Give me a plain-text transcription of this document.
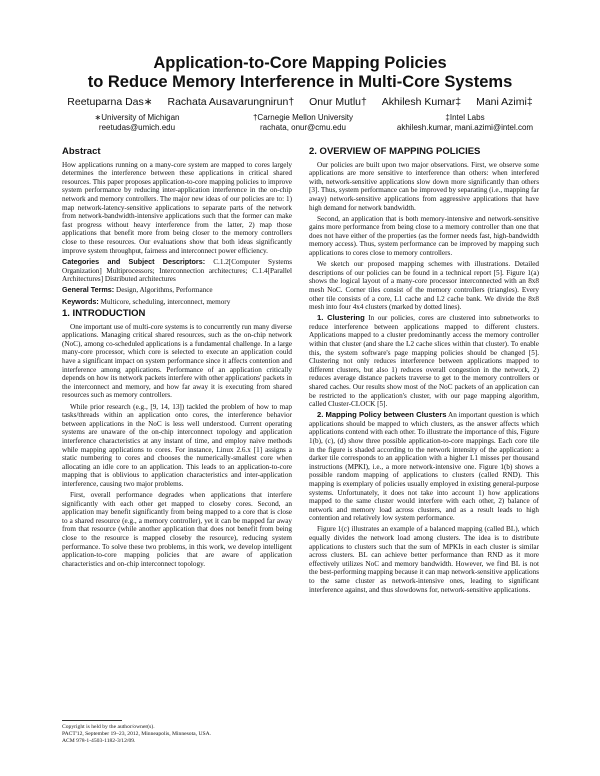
Application-to-Core Mapping Policies
to Reduce Memory Interference in Multi-Core Systems
Reetuparna Das∗ Rachata Ausavarungnirun† Onur Mutlu† Akhilesh Kumar‡ Mani Azimi‡
∗University of Michigan
reetudas@umich.edu
†Carnegie Mellon University
rachata, onur@cmu.edu
‡Intel Labs
akhilesh.kumar, mani.azimi@intel.com
Abstract

How applications running on a many-core system are mapped to cores largely determines the interference between these applications in critical shared resources. This paper proposes application-to-core mapping policies to improve system performance by reducing inter-application interference in the on-chip network and memory controllers. The major new ideas of our policies are to: 1) map network-latency-sensitive applications to separate parts of the network from network-bandwidth-intensive applications such that the former can make fast progress without heavy interference from the latter, 2) map those applications that benefit more from being closer to the memory controllers close to these resources. Our evaluations show that both ideas significantly improve system throughput, fairness and interconnect power efficiency.

Categories and Subject Descriptors: C.1.2[Computer Systems Organization] Multiprocessors; Interconnection architectures; C.1.4[Parallel Architectures] Distributed architectures

General Terms: Design, Algorithms, Performance

Keywords: Multicore, scheduling, interconnect, memory

1. INTRODUCTION

One important use of multi-core systems is to concurrently run many diverse applications. Managing critical shared resources, such as the on-chip network (NoC), among co-scheduled applications is a fundamental challenge. In a large many-core processor, which core is selected to execute an application could have a significant impact on system performance since it affects contention and interference among applications. Performance of an application critically depends on how its network packets interfere with other applications' packets in the interconnect and memory, and how far away it is executing from shared resources such as memory controllers.

While prior research (e.g., [9, 14, 13]) tackled the problem of how to map tasks/threads within an application onto cores, the interference behavior between applications in the NoC is less well understood. Current operating systems are unaware of the on-chip interconnect topology and application interference characteristics at any instant of time, and employ naive methods while mapping applications to cores. For instance, Linux 2.6.x [1] assigns a static numbering to cores and chooses the numerically-smallest core when allocating an idle core to an application. This leads to an application-to-core mapping that is oblivious to application characteristics and inter-application interference, causing two major problems.

First, overall performance degrades when applications that interfere significantly with each other get mapped to closeby cores. Second, an application may benefit significantly from being mapped to a core that is close to a shared resource (e.g., a memory controller), yet it can be mapped far away from that resource (while another application that does not benefit from being close to the resource is mapped closeby the resource), reducing system performance. To solve these two problems, in this work, we develop intelligent application-to-core mapping policies that are aware of application characteristics and on-chip interconnect topology.

Copyright is held by the author/owner(s).
PACT'12, September 19–23, 2012, Minneapolis, Minnesota, USA.
ACM 978-1-4503-1182-3/12/09.
2. OVERVIEW OF MAPPING POLICIES

Our policies are built upon two major observations. First, we observe some applications are more sensitive to interference than others: when interfered with, network-sensitive applications slow down more significantly than others [3]. Thus, system performance can be improved by separating (i.e., mapping far away) network-sensitive applications from aggressive applications that have high demand for network bandwidth.

Second, an application that is both memory-intensive and network-sensitive gains more performance from being close to a memory controller than one that does not have either of the properties (as the former needs fast, high-bandwidth memory access). Thus, system performance can be improved by mapping such applications to cores close to memory controllers.

We sketch our proposed mapping schemes with illustrations. Detailed descriptions of our policies can be found in a technical report [5]. Figure 1(a) shows the logical layout of a many-core processor interconnected with an 8x8 mesh NoC. Corner tiles consist of the memory controllers (triangles). Every other tile consists of a core, L1 cache and L2 cache bank. We divide the 8x8 mesh into four 4x4 clusters (marked by dotted lines).

1. Clustering In our policies, cores are clustered into subnetworks to reduce interference between applications mapped to different clusters. Applications mapped to a cluster predominantly access the memory controller within that cluster (and share the L2 cache slices within that cluster). To enable this, the system software's page mapping policies should be changed [5]. Clustering not only reduces interference between applications mapped to different clusters, but also 1) reduces overall congestion in the network, 2) reduces average distance packets traverse to get to the memory controllers or shared caches. Our results show most of the NoC packets of an application can be restricted to the application's cluster, with our page mapping algorithm, called Cluster-CLOCK [5].

2. Mapping Policy between Clusters An important question is which applications should be mapped to which clusters, as the answer affects which applications contend with each other. To illustrate the importance of this, Figure 1(b), (c), (d) show three possible application-to-core mappings. Each core tile in the figure is shaded according to the network intensity of the application: a darker tile corresponds to an application with a higher L1 misses per thousand instructions (MPKI), i.e., a more network-intensive one. Figure 1(b) shows a possible random mapping of applications to clusters (called RND). This mapping is exemplary of policies usually employed in existing general-purpose systems. Unfortunately, it does not take into account 1) how applications mapped to the same cluster would interfere with each other, 2) balance of network and memory load across clusters, and as a result leads to high contention and relatively low system performance.

Figure 1(c) illustrates an example of a balanced mapping (called BL), which equally divides the network load among clusters. The idea is to distribute applications to clusters such that the sum of MPKIs in each cluster is similar across clusters. BL can achieve better performance than RND as it more effectively utilizes NoC and memory bandwidth. However, we find BL is not the best-performing mapping because it can map network-sensitive applications to the same cluster as network-intensive ones, leading to significant interference against, and thus slowdowns for, network-sensitive applications.
